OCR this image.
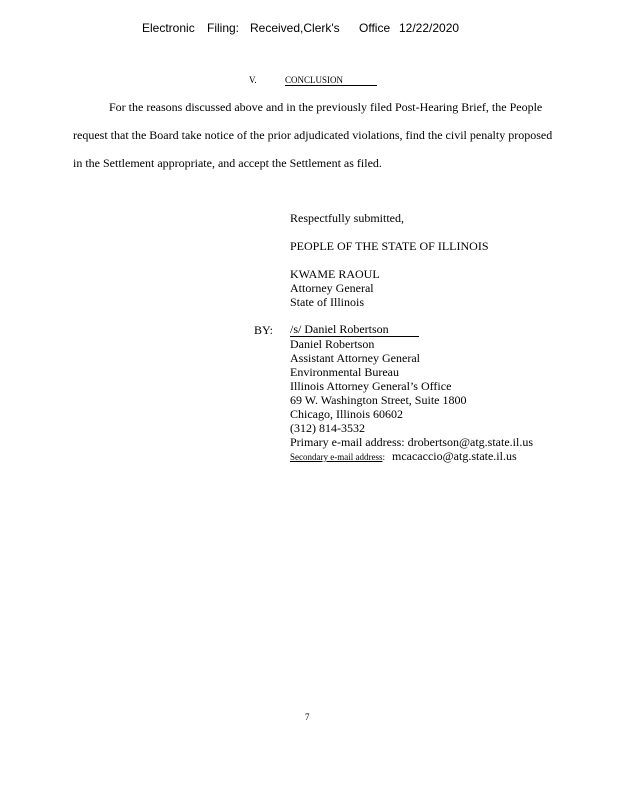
Electronic Filing: Received,Clerk's Office 12/22/2020
V.	CONCLUSION
For the reasons discussed above and in the previously filed Post-Hearing Brief, the People
request that the Board take notice of the prior adjudicated violations, find the civil penalty proposed
in the Settlement appropriate, and accept the Settlement as filed.
Respectfully submitted,
PEOPLE OF THE STATE OF ILLINOIS
KWAME RAOUL
Attorney General
State of Illinois
BY: /s/ Daniel Robertson
Daniel Robertson
Assistant Attorney General
Environmental Bureau
Illinois Attorney General’s Office
69 W. Washington Street, Suite 1800
Chicago, Illinois 60602
(312) 814-3532
Primary e-mail address: drobertson@atg.state.il.us
Secondary e-mail address: mcacaccio@atg.state.il.us
7
